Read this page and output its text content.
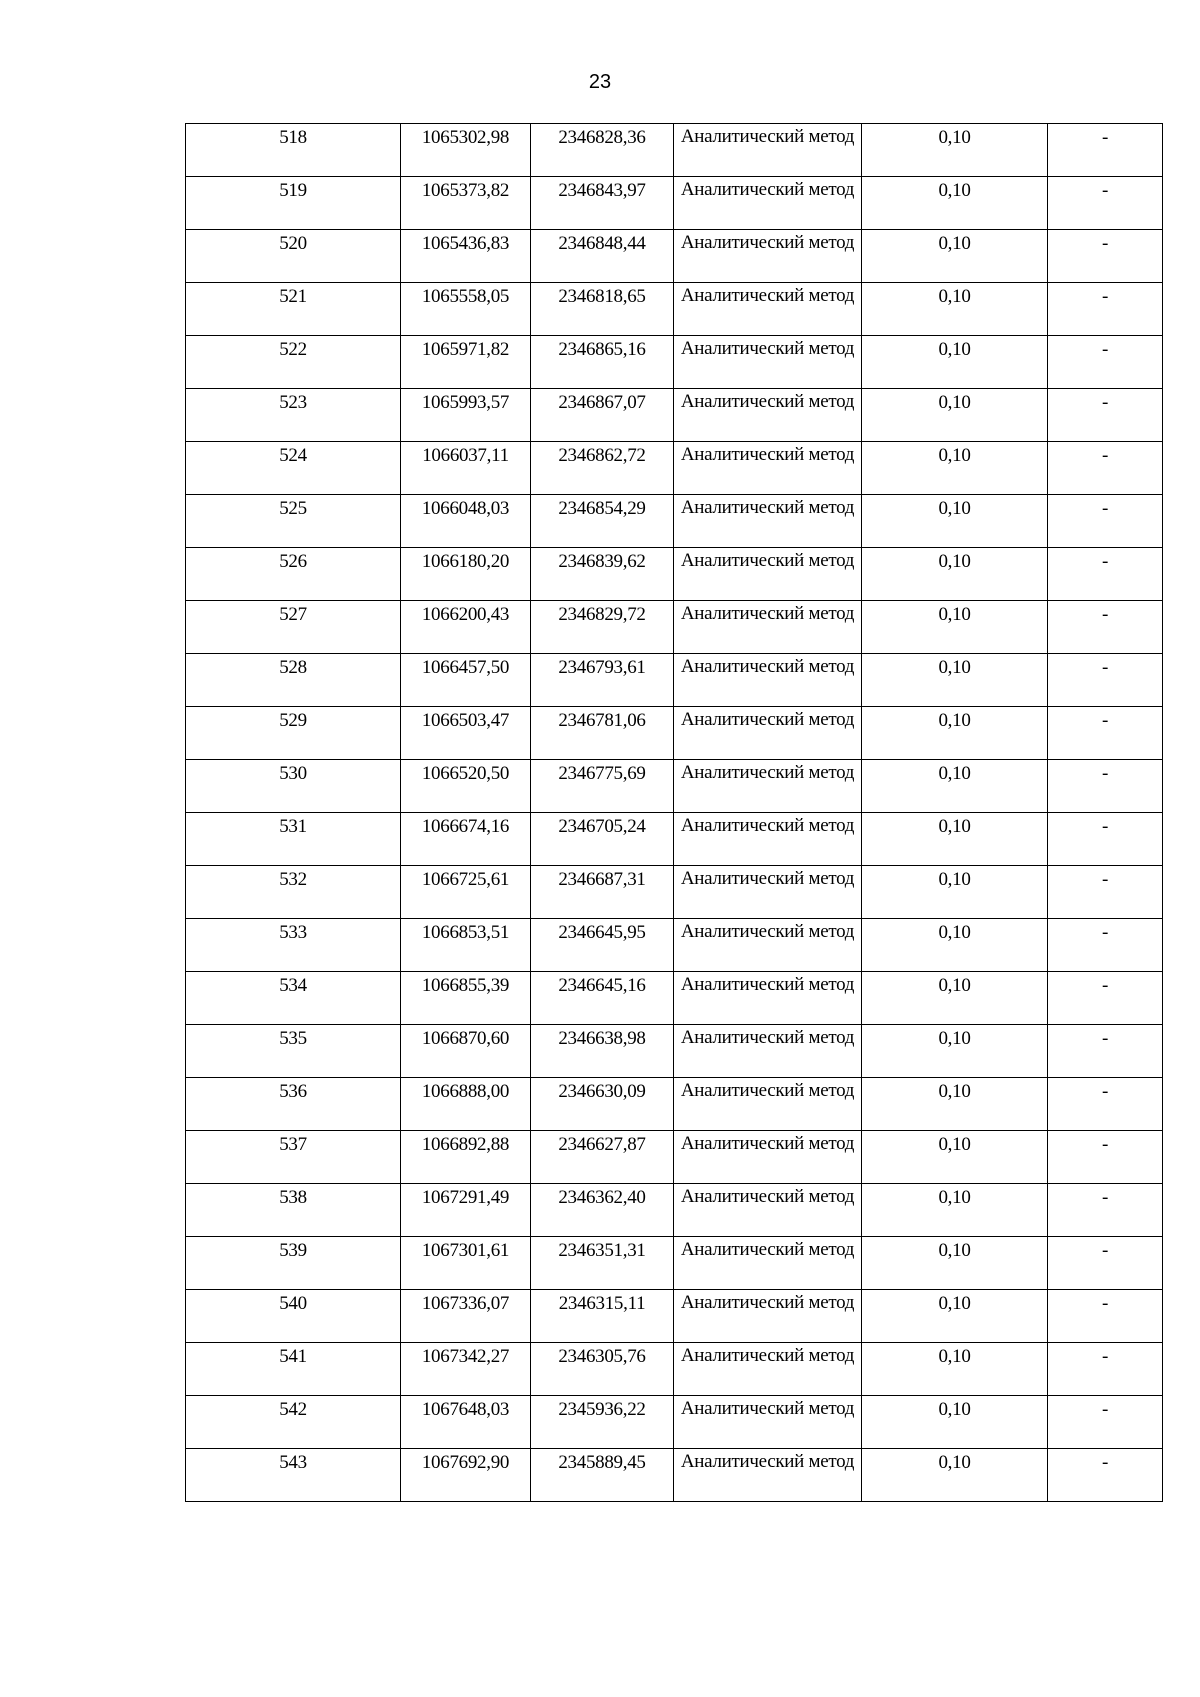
23
518	1065302,98	2346828,36	Аналитический метод	0,10	-

519	1065373,82	2346843,97	Аналитический метод	0,10	-

520	1065436,83	2346848,44	Аналитический метод	0,10	-

521	1065558,05	2346818,65	Аналитический метод	0,10	-

522	1065971,82	2346865,16	Аналитический метод	0,10	-

523	1065993,57	2346867,07	Аналитический метод	0,10	-

524	1066037,11	2346862,72	Аналитический метод	0,10	-

525	1066048,03	2346854,29	Аналитический метод	0,10	-

526	1066180,20	2346839,62	Аналитический метод	0,10	-

527	1066200,43	2346829,72	Аналитический метод	0,10	-

528	1066457,50	2346793,61	Аналитический метод	0,10	-

529	1066503,47	2346781,06	Аналитический метод	0,10	-

530	1066520,50	2346775,69	Аналитический метод	0,10	-

531	1066674,16	2346705,24	Аналитический метод	0,10	-

532	1066725,61	2346687,31	Аналитический метод	0,10	-

533	1066853,51	2346645,95	Аналитический метод	0,10	-

534	1066855,39	2346645,16	Аналитический метод	0,10	-

535	1066870,60	2346638,98	Аналитический метод	0,10	-

536	1066888,00	2346630,09	Аналитический метод	0,10	-

537	1066892,88	2346627,87	Аналитический метод	0,10	-

538	1067291,49	2346362,40	Аналитический метод	0,10	-

539	1067301,61	2346351,31	Аналитический метод	0,10	-

540	1067336,07	2346315,11	Аналитический метод	0,10	-

541	1067342,27	2346305,76	Аналитический метод	0,10	-

542	1067648,03	2345936,22	Аналитический метод	0,10	-

543	1067692,90	2345889,45	Аналитический метод	0,10	-
